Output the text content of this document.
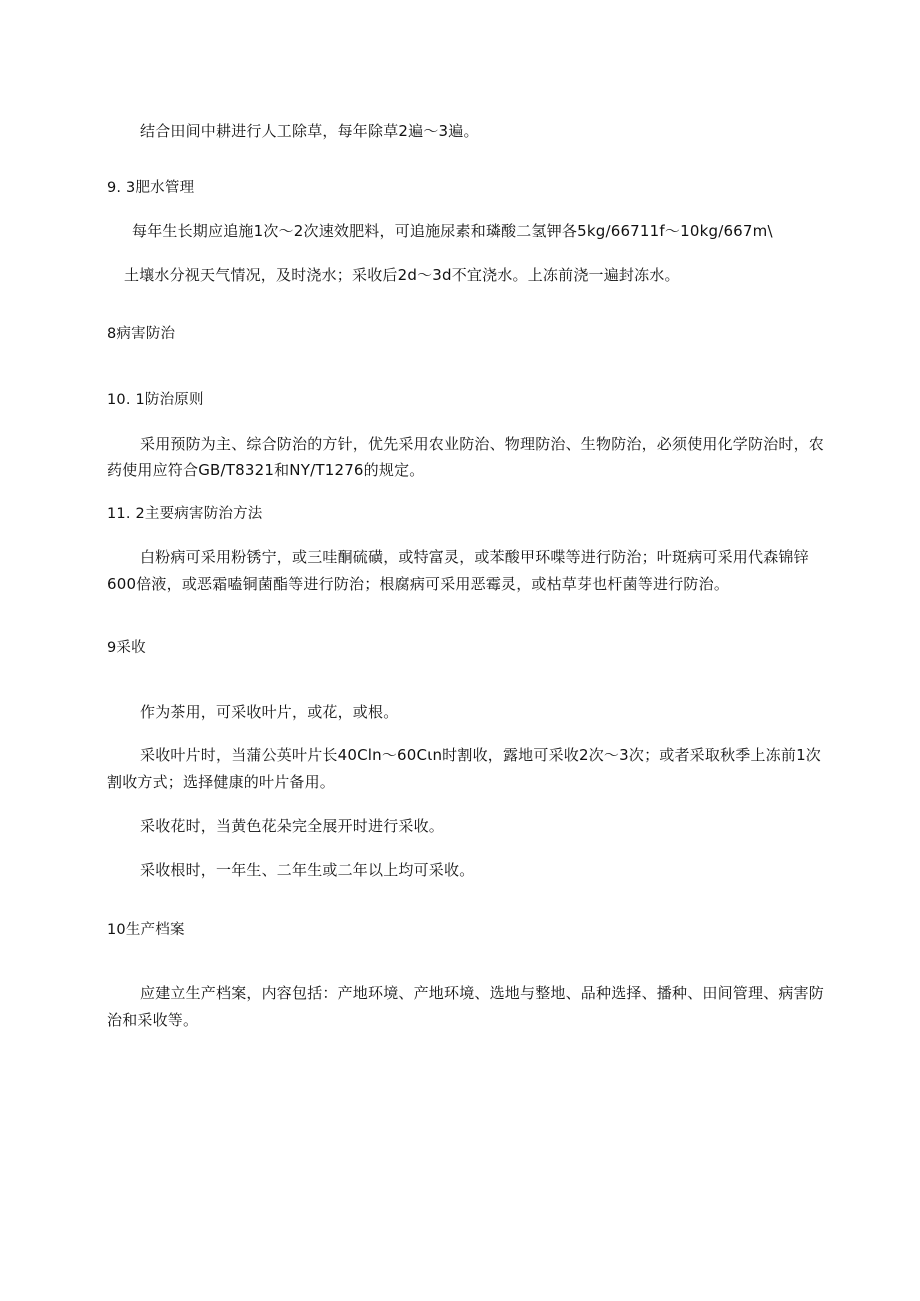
结合田间中耕进行人工除草，每年除草2遍～3遍。
9. 3肥水管理
每年生长期应追施1次～2次速效肥料，可追施尿素和璘酸二氢钾各5kg∕66711f～10kg∕667m\
土壤水分视天气情况，及时浇水；采收后2d～3d不宜浇水。上冻前浇一遍封冻水。
8病害防治
10. 1防治原则
采用预防为主、综合防治的方针，优先采用农业防治、物理防治、生物防治，必须使用化学防治时，农
药使用应符合GB/T8321和NY/T1276的规定。
11. 2主要病害防治方法
白粉病可采用粉锈宁，或三哇酮硫磺，或特富灵，或苯酸甲环喋等进行防治；叶斑病可采用代森锦锌
600倍液，或恶霜嗑铜菌酯等进行防治；根腐病可采用恶霉灵，或枯草芽也杆菌等进行防治。
9采收
作为茶用，可采收叶片，或花，或根。
采收叶片时，当蒲公英叶片长40Cln～60Cιn时割收，露地可采收2次～3次；或者采取秋季上冻前1次
割收方式；选择健康的叶片备用。
采收花时，当黄色花朵完全展开时进行采收。
采收根时，一年生、二年生或二年以上均可采收。
10生产档案
应建立生产档案，内容包括：产地环境、产地环境、选地与整地、品种选择、播种、田间管理、病害防
治和采收等。
